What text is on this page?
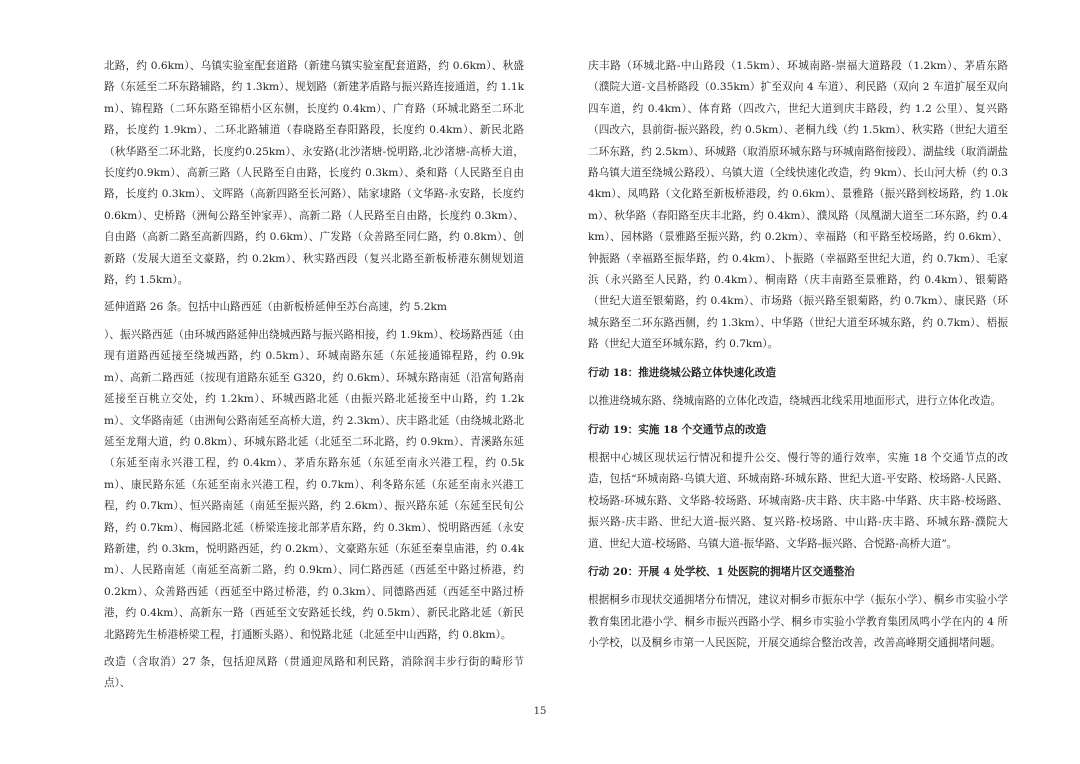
北路，约 0.6km）、乌镇实验室配套道路（新建乌镇实验室配套道路，约 0.6km）、秋盛路（东延至二环东路辅路，约 1.3km）、规划路（新建茅盾路与振兴路连接通道，约 1.1km）、锦程路（二环东路至锦梧小区东侧，长度约 0.4km）、广育路（环城北路至二环北路，长度约 1.9km）、二环北路辅道（春晓路至春阳路段，长度约 0.4km）、新民北路（秋华路至二环北路，长度约0.25km）、永安路(北沙渚塘-悦明路,北沙渚塘-高桥大道，长度约0.9km）、高新三路（人民路至自由路，长度约 0.3km）、桑和路（人民路至自由路，长度约 0.3km）、文晖路（高新四路至长河路）、陆家埭路（文华路-永安路，长度约 0.6km）、史桥路（洲甸公路至钟家弄）、高新二路（人民路至自由路，长度约 0.3km）、自由路（高新二路至高新四路，约 0.6km）、广发路（众善路至同仁路，约 0.8km）、创新路（发展大道至文豪路，约 0.2km）、秋实路西段（复兴北路至新板桥港东侧规划道路，约 1.5km）。

延伸道路 26 条。包括中山路西延（由新板桥延伸至苏台高速，约 5.2km

）、振兴路西延（由环城西路延伸出绕城西路与振兴路相接，约 1.9km）、校场路西延（由现有道路西延接至绕城西路，约 0.5km）、环城南路东延（东延接通锦程路，约 0.9km）、高新二路西延（按现有道路东延至 G320，约 0.6km）、环城东路南延（沿富甸路南延接至百桃立交处，约 1.2km）、环城西路北延（由振兴路北延接至中山路，约 1.2km）、文华路南延（由洲甸公路南延至高桥大道，约 2.3km）、庆丰路北延（由绕城北路北延至龙翔大道，约 0.8km）、环城东路北延（北延至二环北路，约 0.9km）、青溪路东延（东延至南永兴港工程，约 0.4km）、茅盾东路东延（东延至南永兴港工程，约 0.5km）、康民路东延（东延至南永兴港工程，约 0.7km）、利冬路东延（东延至南永兴港工程，约 0.7km）、恒兴路南延（南延至振兴路，约 2.6km）、振兴路东延（东延至民旬公路，约 0.7km）、梅园路北延（桥梁连接北部茅盾东路，约 0.3km）、悦明路西延（永安路新建，约 0.3km，悦明路西延，约 0.2km）、文豪路东延（东延至秦皇庙港，约 0.4km）、人民路南延（南延至高新二路，约 0.9km）、同仁路西延（西延至中路过桥港，约 0.2km）、众善路西延（西延至中路过桥港，约 0.3km）、同德路西延（西延至中路过桥港，约 0.4km）、高新东一路（西延至文安路延长线，约 0.5km）、新民北路北延（新民北路跨先生桥港桥梁工程，打通断头路）、和悦路北延（北延至中山西路，约 0.8km）。

改造（含取消）27 条，包括迎凤路（贯通迎凤路和利民路，消除润丰步行街的畸形节点）、

庆丰路（环城北路-中山路段（1.5km）、环城南路-崇福大道路段（1.2km）、茅盾东路（濮院大道-文昌桥路段（0.35km）扩至双向 4 车道）、利民路（双向 2 车道扩展至双向四车道，约 0.4km）、体育路（四改六，世纪大道到庆丰路段，约 1.2 公里）、复兴路（四改六，县前街-振兴路段，约 0.5km）、老桐九线（约 1.5km）、秋实路（世纪大道至二环东路，约 2.5km）、环城路（取消原环城东路与环城南路衔接段）、湖盐线（取消湖盐路乌镇大道至绕城公路段）、乌镇大道（全线快速化改造，约 9km）、长山河大桥（约 0.34km）、凤鸣路（文化路至新板桥港段，约 0.6km）、景雅路（振兴路到校场路，约 1.0km）、秋华路（春阳路至庆丰北路，约 0.4km）、濮凤路（凤凰湖大道至二环东路，约 0.4km）、园林路（景雅路至振兴路，约 0.2km）、幸福路（和平路至校场路，约 0.6km）、钟振路（幸福路至振华路，约 0.4km）、卜振路（幸福路至世纪大道，约 0.7km）、毛家浜（永兴路至人民路，约 0.4km）、桐南路（庆丰南路至景雅路，约 0.4km）、银菊路（世纪大道至银菊路，约 0.4km）、市场路（振兴路至银菊路，约 0.7km）、康民路（环城东路至二环东路西侧，约 1.3km）、中华路（世纪大道至环城东路，约 0.7km）、梧振路（世纪大道至环城东路，约 0.7km）。

行动 18：推进绕城公路立体快速化改造

以推进绕城东路、绕城南路的立体化改造，绕城西北线采用地面形式，进行立体化改造。

行动 19：实施 18 个交通节点的改造

根据中心城区现状运行情况和提升公交、慢行等的通行效率，实施 18 个交通节点的改造，包括“环城南路-乌镇大道、环城南路-环城东路、世纪大道-平安路、校场路-人民路、校场路-环城东路、文华路-较场路、环城南路-庆丰路、庆丰路-中华路、庆丰路-校场路、振兴路-庆丰路、世纪大道-振兴路、复兴路-校场路、中山路-庆丰路、环城东路-濮院大道、世纪大道-校场路、乌镇大道-振华路、文华路-振兴路、合悦路-高桥大道”。

行动 20：开展 4 处学校、1 处医院的拥堵片区交通整治

根据桐乡市现状交通拥堵分布情况，建议对桐乡市振东中学（振东小学）、桐乡市实验小学教育集团北港小学、桐乡市振兴西路小学、桐乡市实验小学教育集团凤鸣小学在内的 4 所小学校，以及桐乡市第一人民医院，开展交通综合整治改善，改善高峰期交通拥堵问题。

15
